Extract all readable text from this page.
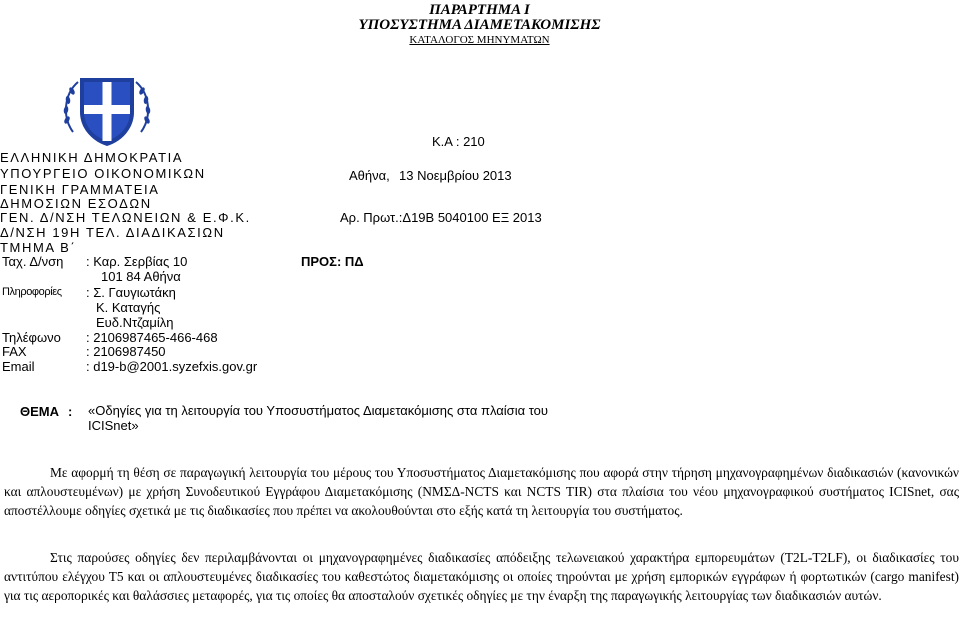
ΠΑΡΑΡΤΗΜΑ Ι
ΥΠΟΣΥΣΤΗΜΑ ΔΙΑΜΕΤΑΚΟΜΙΣΗΣ
ΚΑΤΑΛΟΓΟΣ ΜΗΝΥΜΑΤΩΝ
Κ.Α : 210
Αθήνα, 13 Νοεμβρίου 2013
Αρ. Πρωτ.:Δ19Β 5040100 ΕΞ 2013
ΠΡΟΣ: ΠΔ
ΕΛΛΗΝΙΚΗ ΔΗΜΟΚΡΑΤΙΑ
ΥΠΟΥΡΓΕΙΟ ΟΙΚΟΝΟΜΙΚΩΝ
ΓΕΝΙΚΗ ΓΡΑΜΜΑΤΕΙΑ
ΔΗΜΟΣΙΩΝ ΕΣΟΔΩΝ
ΓΕΝ. Δ/ΝΣΗ ΤΕΛΩΝΕΙΩΝ & Ε.Φ.Κ.
Δ/ΝΣΗ 19Η ΤΕΛ. ΔΙΑΔΙΚΑΣΙΩΝ
ΤΜΗΜΑ Β΄
Ταχ. Δ/νση : Καρ. Σερβίας 10
101 84 Αθήνα
Πληροφορίες : Σ. Γαυγιωτάκη
Κ. Καταγής
Ευδ.Ντζαμίλη
Τηλέφωνο : 2106987465-466-468
FAX	: 2106987450
Email	: d19-b@2001.syzefxis.gov.gr
ΘΕΜΑ : «Οδηγίες για τη λειτουργία του Υποσυστήματος Διαμετακόμισης στα πλαίσια του
ICISnet»
Με αφορμή τη θέση σε παραγωγική λειτουργία του μέρους του Υποσυστήματος Διαμετακόμισης που αφορά στην τήρηση μηχανογραφημένων διαδικασιών (κανονικών και απλουστευμένων) με χρήση Συνοδευτικού Εγγράφου Διαμετακόμισης (ΝΜΣΔ-NCTS και NCTS TIR) στα πλαίσια του νέου μηχανογραφικού συστήματος ICISnet, σας αποστέλλουμε οδηγίες σχετικά με τις διαδικασίες που πρέπει να ακολουθούνται στο εξής κατά τη λειτουργία του συστήματος.
Στις παρούσες οδηγίες δεν περιλαμβάνονται οι μηχανογραφημένες διαδικασίες απόδειξης τελωνειακού χαρακτήρα εμπορευμάτων (T2L-T2LF), οι διαδικασίες του αντιτύπου ελέγχου Τ5 και οι απλουστευμένες διαδικασίες του καθεστώτος διαμετακόμισης οι οποίες τηρούνται με χρήση εμπορικών εγγράφων ή φορτωτικών (cargo manifest) για τις αεροπορικές και θαλάσσιες μεταφορές, για τις οποίες θα αποσταλούν σχετικές οδηγίες με την έναρξη της παραγωγικής λειτουργίας των διαδικασιών αυτών.
